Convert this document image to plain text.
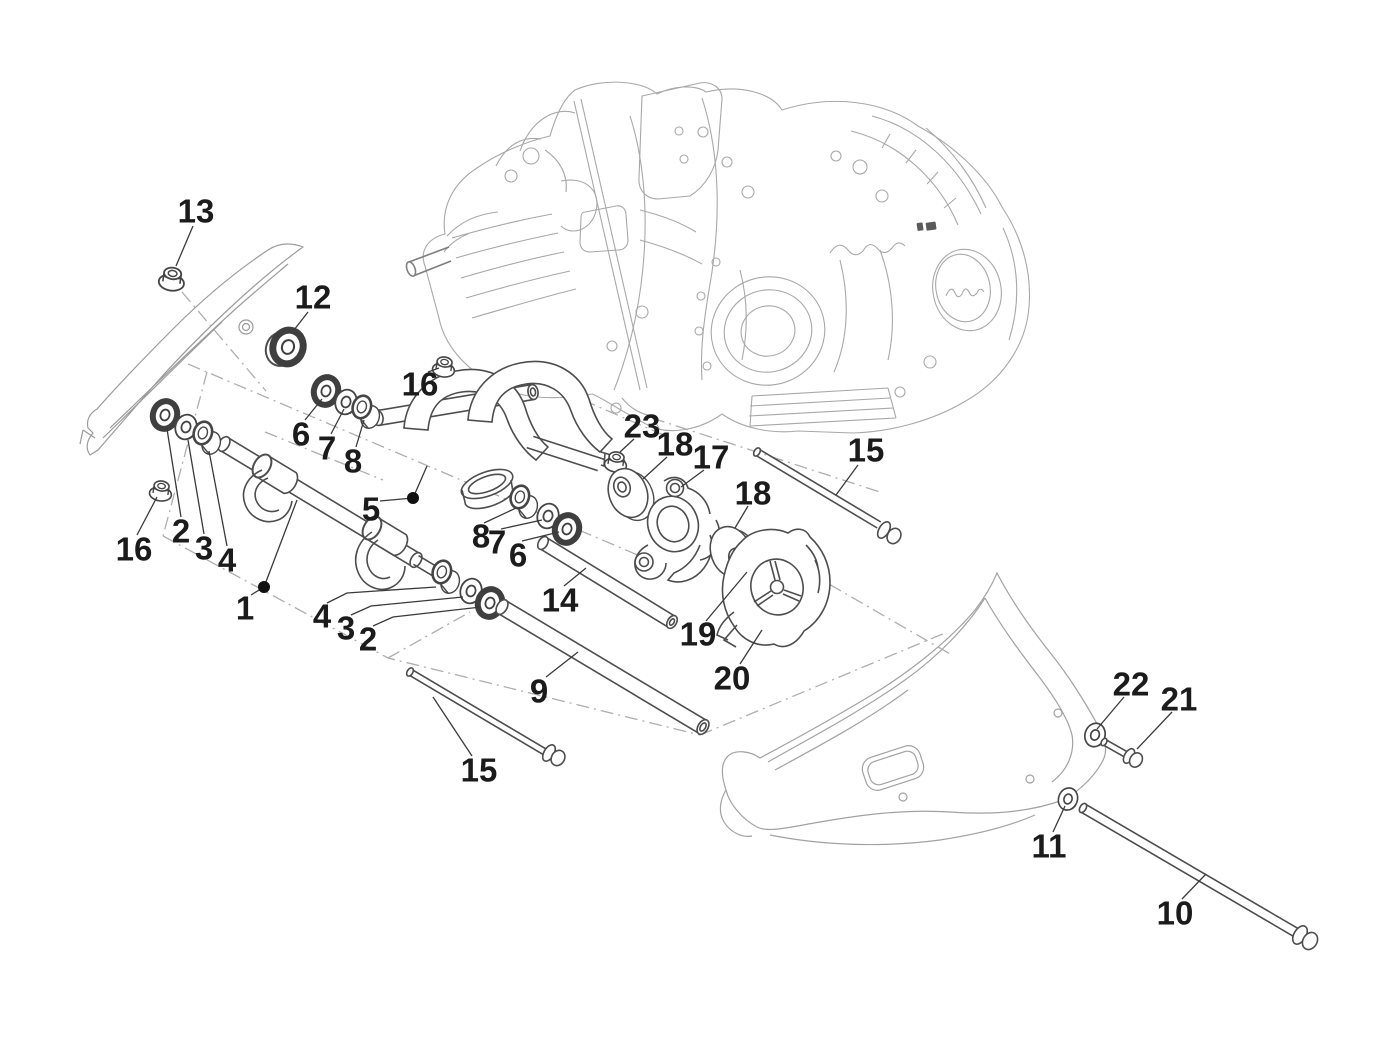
13
12
16
6 7 8
23
18 17
18
15
16 2 3 4
5
1
8
7 6
14
4 3 2	19
9	20
15
22 21
11
10
